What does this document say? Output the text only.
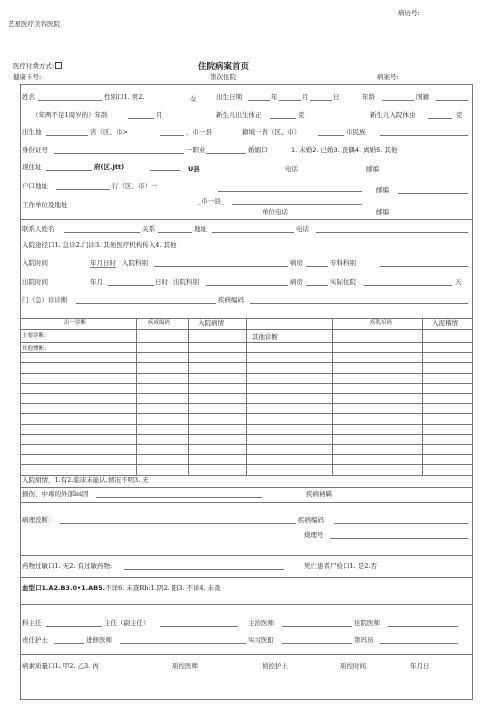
病历号:
艺星医疗美容医院
医疗付费方式:	住院病案首页
健康卡号:	第次住院	病案号:
姓名	性别口1. 男2.	女	出生日期	年	月	日	年龄	国籍
（年两不足1周岁的）年龄	月	新生儿出生体正	克	新生儿入院体虫	克
出生地	省（区、市>	，市一县	籍境一省（区、市）	市民族
身份证号	一职业	婚姻口	1. 未婚2. 已婚3. 丧偶4. 离婚5. 其他
现住址	府(区.Jtt)	U县	电话	邮编
户口地址	行（区、市）一	邮编
工作单位及地址	_市一县_
单位电话	邮编
联系人姓名	关系	地址	电话
入院途径口1. 急诊2.门诊3. 其他医疗机构传入4. 其他
入院时间	年月日时 入院科别	病房	专科科别
出院时间	年月	日时 出院科别	病房	实际住院	天
门（急）诊诊断	疾病编码
出一诊断	疾成编码	入院病情	疾乳培码	入泥稽情
主要诊断：	其他诊断
其他惨断：
入院胡情，1.有2.临床未能认.情况不明3. 无
损伤、中毒的外部lei因	疾病衲羁
病理没断：	疾病编码
烧理号
药物过敏口1. 无2. 有过敏药物:	死亡患者尸检口1. 是2.否
血型口1.A2.B3.0•1.AB5.不详6. 未查Rh:1.阴2. 阳3. 不详4. 未查
科主任	主任（副主任）	主治医师	住院医师
责任护士	进修医师	实习医酊	第玛员
病素质量口1. 甲2. 乙3. 丙	质控医师	侦控护上	质控时间	年月日
